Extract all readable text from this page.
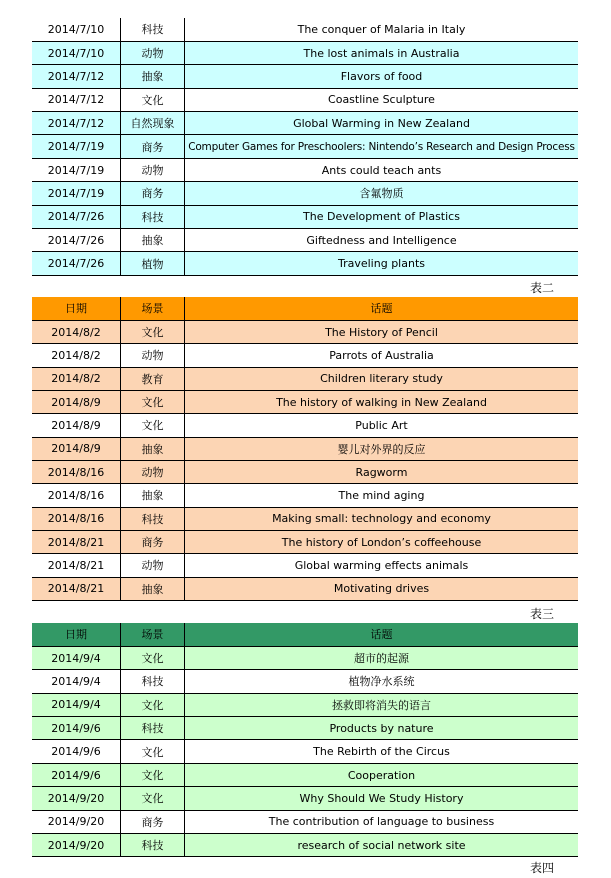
2014/7/10	科技	The conquer of Malaria in Italy
2014/7/10	动物	The lost animals in Australia
2014/7/12	抽象	Flavors of food
2014/7/12	文化	Coastline Sculpture
2014/7/12	自然现象	Global Warming in New Zealand
2014/7/19	商务	Computer Games for Preschoolers: Nintendo’s Research and Design Process
2014/7/19	动物	Ants could teach ants
2014/7/19	商务	含氟物质
2014/7/26	科技	The Development of Plastics
2014/7/26	抽象	Giftedness and Intelligence
2014/7/26	植物	Traveling plants
表二
日期	场景	话题
2014/8/2	文化	The History of Pencil
2014/8/2	动物	Parrots of Australia
2014/8/2	教育	Children literary study
2014/8/9	文化	The history of walking in New Zealand
2014/8/9	文化	Public Art
2014/8/9	抽象	婴儿对外界的反应
2014/8/16	动物	Ragworm
2014/8/16	抽象	The mind aging
2014/8/16	科技	Making small: technology and economy
2014/8/21	商务	The history of London’s coffeehouse
2014/8/21	动物	Global warming effects animals
2014/8/21	抽象	Motivating drives
表三
日期	场景	话题
2014/9/4	文化	超市的起源
2014/9/4	科技	植物净水系统
2014/9/4	文化	拯救即将消失的语言
2014/9/6	科技	Products by nature
2014/9/6	文化	The Rebirth of the Circus
2014/9/6	文化	Cooperation
2014/9/20	文化	Why Should We Study History
2014/9/20	商务	The contribution of language to business
2014/9/20	科技	research of social network site
表四
